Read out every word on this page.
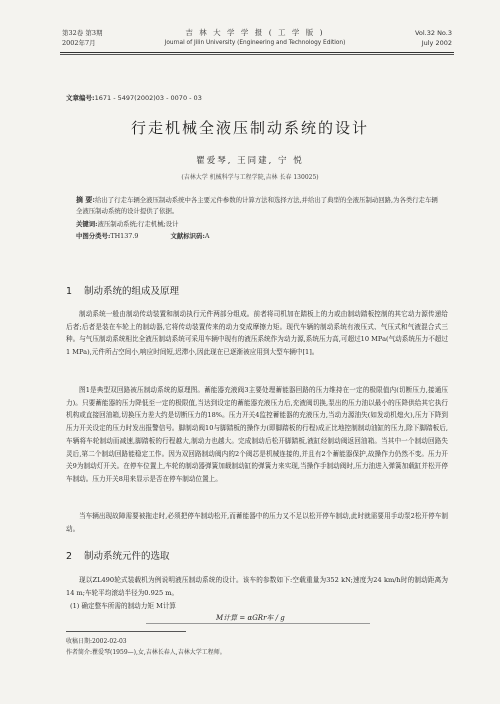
第32卷 第3期
2002年7月
吉 林 大 学 学 报 ( 工 学 版 )
Journal of Jilin University (Engineering and Technology Edition)
Vol.32 No.3
July 2002
文章编号:1671 - 5497(2002)03 - 0070 - 03
行走机械全液压制动系统的设计
瞿爱琴, 王同建, 宁 悦
(吉林大学 机械科学与工程学院,吉林 长春 130025)
摘 要:给出了行走车辆全液压制动系统中各主要元件参数的计算方法和选择方法,并给出了典型的全液压制动回路,为各类行走车辆全液压制动系统的设计提供了依据。
关键词:液压制动系统;行走机械;设计
中图分类号:TH137.9	文献标识码:A
1 制动系统的组成及原理
制动系统一般由制动传动装置和制动执行元件两部分组成。前者将司机加在踏板上的力或由制动踏板控制的其它动力源传递给后者;后者是装在车轮上的制动器,它将传动装置传来的动力变成摩擦力矩。现代车辆的制动系统有液压式、气压式和气液混合式三种。与气压制动系统相比全液压制动系统可采用车辆中现有的液压系统作为动力源,系统压力高,可超过10 MPa(气动系统压力不超过1 MPa),元件所占空间小,响应时间短,迟滞小,因此现在已逐渐被应用到大型车辆中[1]。
图1是典型双回路被压制动系统的原理图。蓄能器充液阀3主要处理蓄能器回路的压力维持在一定的极限值内(切断压力,接通压力)。只要蓄能器的压力降低至一定的极限值,当达到设定的蓄能器充液压力后,充液阀切换,泵出的压力油以最小的压降供给其它执行机构或直接回油箱,切换压力差大约是切断压力的18%。压力开关4监控蓄能器的充液压力,当动力源油失(如发动机熄火),压力下降到压力开关设定的压力时发出报警信号。脚制动阀10与脚踏板的操作力(即脚踏板的行程)成正比地控制制动油缸的压力,除下脚踏板后,车辆将车轮制动而减速,脚踏板的行程越大,制动力也越大。完成制动后松开脚踏板,液缸经制动阀返回油箱。当其中一个制动回路失灵后,第二个制动回路能稳定工作。因为双回路制动阀内的2个阀芯是机械连接的,并且有2个蓄能器保护,故操作力仍然不变。压力开关9为制动灯开关。在停车位置上,车轮的制动器弹簧加载制动缸的弹簧力来实现,当操作手制动阀时,压力油进入弹簧加载缸并松开停车制动。压力开关8用来显示是否在停车制动位置上。
当车辆出现故障需要被拖走时,必须把停车制动松开,而蓄能器中的压力又不足以松开停车制动,此时就需要用手动泵2松开停车制动。
2 制动系统元件的选取
现以ZL490轮式装载机为例说明液压制动系统的设计。该车的参数如下:空载重量为352 kN;速度为24 km/h时的制动距离为14 m;车轮平均滚动半径为0.925 m。
(1) 确定整车所需的制动力矩 M计算
M计算 = αGRr车 / g
收稿日期:2002-02-03
作者简介:瞿爱琴(1959—),女,吉林长春人,吉林大学工程师。
